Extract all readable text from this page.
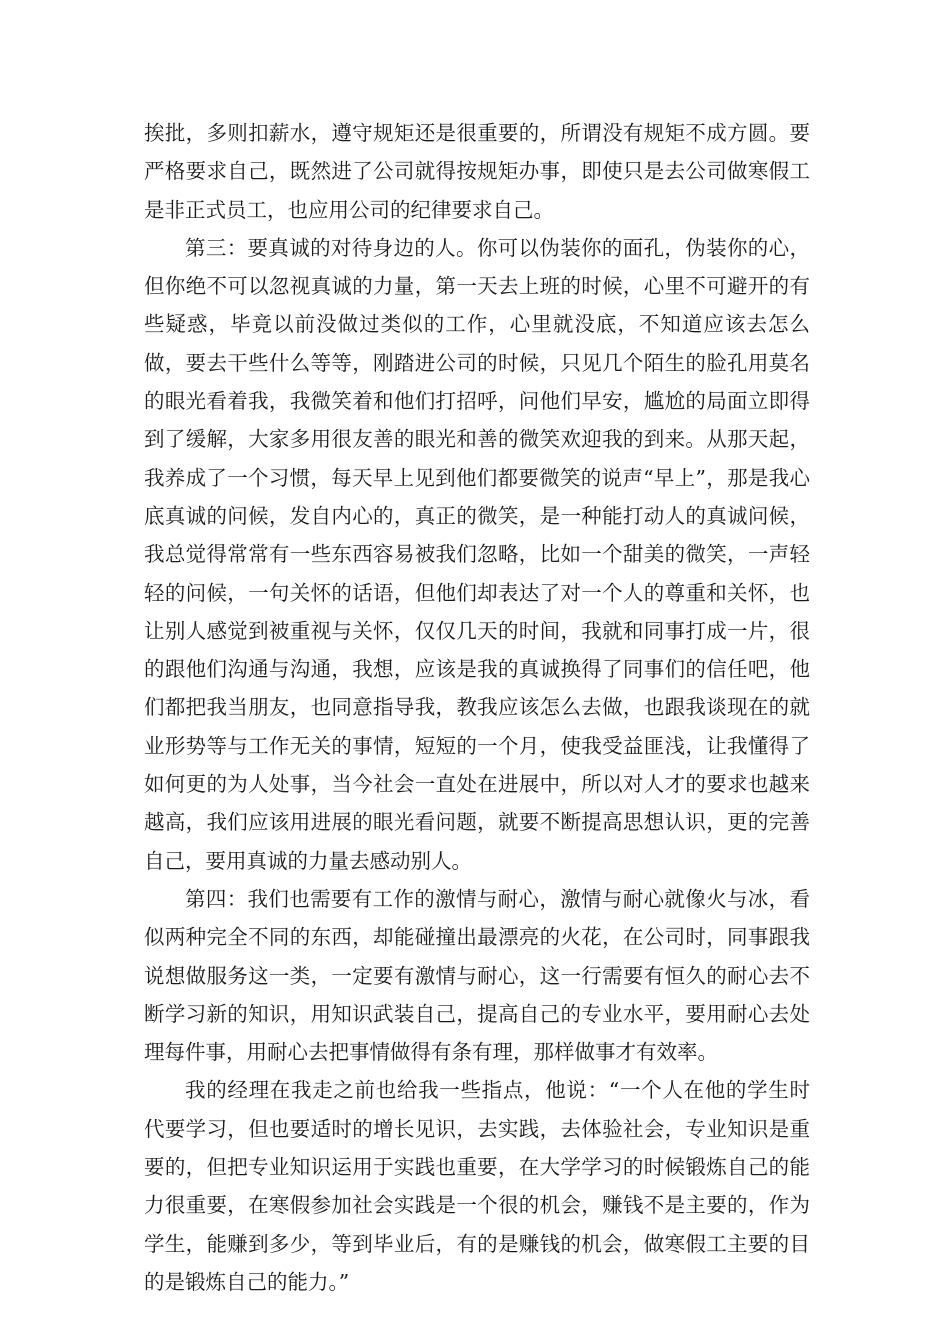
挨批，多则扣薪水，遵守规矩还是很重要的，所谓没有规矩不成方圆。要严格要求自己，既然进了公司就得按规矩办事，即使只是去公司做寒假工是非正式员工，也应用公司的纪律要求自己。

第三：要真诚的对待身边的人。你可以伪装你的面孔，伪装你的心，但你绝不可以忽视真诚的力量，第一天去上班的时候，心里不可避开的有些疑惑，毕竟以前没做过类似的工作，心里就没底，不知道应该去怎么做，要去干些什么等等，刚踏进公司的时候，只见几个陌生的脸孔用莫名的眼光看着我，我微笑着和他们打招呼，问他们早安，尴尬的局面立即得到了缓解，大家多用很友善的眼光和善的微笑欢迎我的到来。从那天起，我养成了一个习惯，每天早上见到他们都要微笑的说声“早上”，那是我心底真诚的问候，发自内心的，真正的微笑，是一种能打动人的真诚问候，我总觉得常常有一些东西容易被我们忽略，比如一个甜美的微笑，一声轻轻的问候，一句关怀的话语，但他们却表达了对一个人的尊重和关怀，也让别人感觉到被重视与关怀，仅仅几天的时间，我就和同事打成一片，很的跟他们沟通与沟通，我想，应该是我的真诚换得了同事们的信任吧，他们都把我当朋友，也同意指导我，教我应该怎么去做，也跟我谈现在的就业形势等与工作无关的事情，短短的一个月，使我受益匪浅，让我懂得了如何更的为人处事，当今社会一直处在进展中，所以对人才的要求也越来越高，我们应该用进展的眼光看问题，就要不断提高思想认识，更的完善自己，要用真诚的力量去感动别人。

第四：我们也需要有工作的激情与耐心，激情与耐心就像火与冰，看似两种完全不同的东西，却能碰撞出最漂亮的火花，在公司时，同事跟我说想做服务这一类，一定要有激情与耐心，这一行需要有恒久的耐心去不断学习新的知识，用知识武装自己，提高自己的专业水平，要用耐心去处理每件事，用耐心去把事情做得有条有理，那样做事才有效率。

我的经理在我走之前也给我一些指点，他说：“一个人在他的学生时代要学习，但也要适时的增长见识，去实践，去体验社会，专业知识是重要的，但把专业知识运用于实践也重要，在大学学习的时候锻炼自己的能力很重要，在寒假参加社会实践是一个很的机会，赚钱不是主要的，作为学生，能赚到多少，等到毕业后，有的是赚钱的机会，做寒假工主要的目的是锻炼自己的能力。”
